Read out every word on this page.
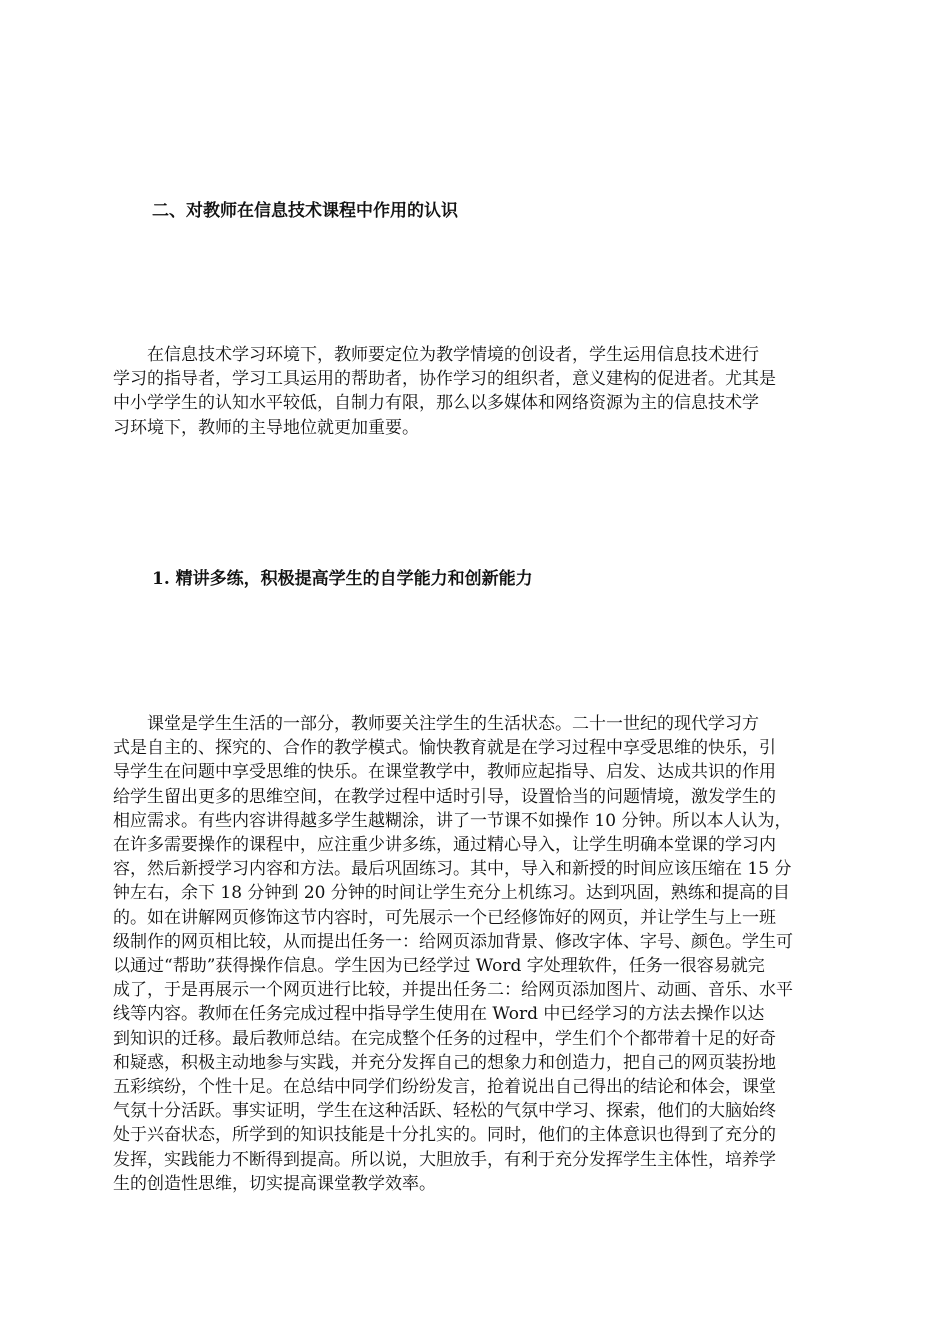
二、对教师在信息技术课程中作用的认识

　　在信息技术学习环境下，教师要定位为教学情境的创设者，学生运用信息技术进行
学习的指导者，学习工具运用的帮助者，协作学习的组织者，意义建构的促进者。尤其是
中小学学生的认知水平较低，自制力有限，那么以多媒体和网络资源为主的信息技术学
习环境下，教师的主导地位就更加重要。

1. 精讲多练，积极提高学生的自学能力和创新能力

　　课堂是学生生活的一部分，教师要关注学生的生活状态。二十一世纪的现代学习方
式是自主的、探究的、合作的教学模式。愉快教育就是在学习过程中享受思维的快乐，引
导学生在问题中享受思维的快乐。在课堂教学中，教师应起指导、启发、达成共识的作用
给学生留出更多的思维空间，在教学过程中适时引导，设置恰当的问题情境，激发学生的
相应需求。有些内容讲得越多学生越糊涂，讲了一节课不如操作 10 分钟。所以本人认为，
在许多需要操作的课程中，应注重少讲多练，通过精心导入，让学生明确本堂课的学习内
容，然后新授学习内容和方法。最后巩固练习。其中，导入和新授的时间应该压缩在 15 分
钟左右，余下 18 分钟到 20 分钟的时间让学生充分上机练习。达到巩固，熟练和提高的目
的。如在讲解网页修饰这节内容时，可先展示一个已经修饰好的网页，并让学生与上一班
级制作的网页相比较，从而提出任务一：给网页添加背景、修改字体、字号、颜色。学生可
以通过“帮助”获得操作信息。学生因为已经学过 Word 字处理软件，任务一很容易就完
成了，于是再展示一个网页进行比较，并提出任务二：给网页添加图片、动画、音乐、水平
线等内容。教师在任务完成过程中指导学生使用在 Word 中已经学习的方法去操作以达
到知识的迁移。最后教师总结。在完成整个任务的过程中，学生们个个都带着十足的好奇
和疑惑，积极主动地参与实践，并充分发挥自己的想象力和创造力，把自己的网页装扮地
五彩缤纷，个性十足。在总结中同学们纷纷发言，抢着说出自己得出的结论和体会，课堂
气氛十分活跃。事实证明，学生在这种活跃、轻松的气氛中学习、探索，他们的大脑始终
处于兴奋状态，所学到的知识技能是十分扎实的。同时，他们的主体意识也得到了充分的
发挥，实践能力不断得到提高。所以说，大胆放手，有利于充分发挥学生主体性，培养学
生的创造性思维，切实提高课堂教学效率。
